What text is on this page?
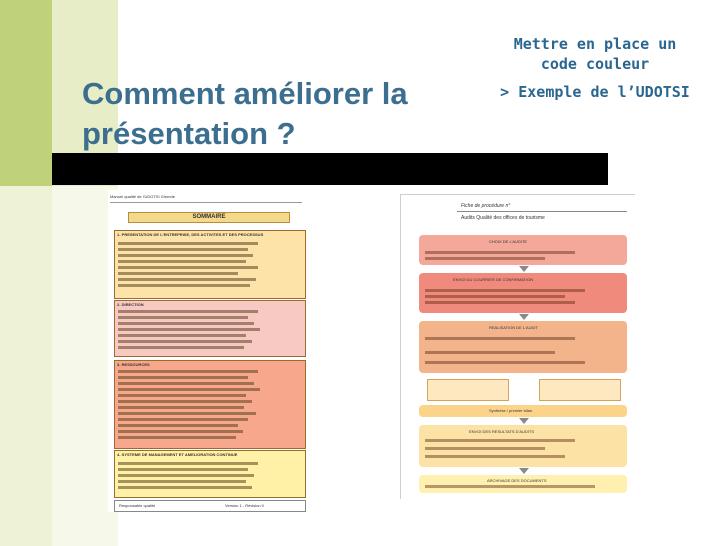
Comment améliorer la présentation ?
Mettre en place un code couleur
> Exemple de l’UDOTSI
Manuel qualité de l’UDOTSI Gironde
SOMMAIRE
1- PRESENTATION DE L'ENTREPRISE, DES ACTIVITES ET DES PROCESSUS
2- DIRECTION
3- RESSOURCES
4- SYSTEME DE MANAGEMENT ET AMELIORATION CONTINUE
Responsable qualité	Version 1 - Révision 0
Fiche de procédure n°
Audits Qualité des offices de tourisme
CHOIX DE L'AUDITE
ENVOI DU COURRIER DE CONFIRMATION
REALISATION DE L'AUDIT
Synthèse / premier bilan
ENVOI DES RESULTATS D'AUDITS
ARCHIVAGE DES DOCUMENTS
